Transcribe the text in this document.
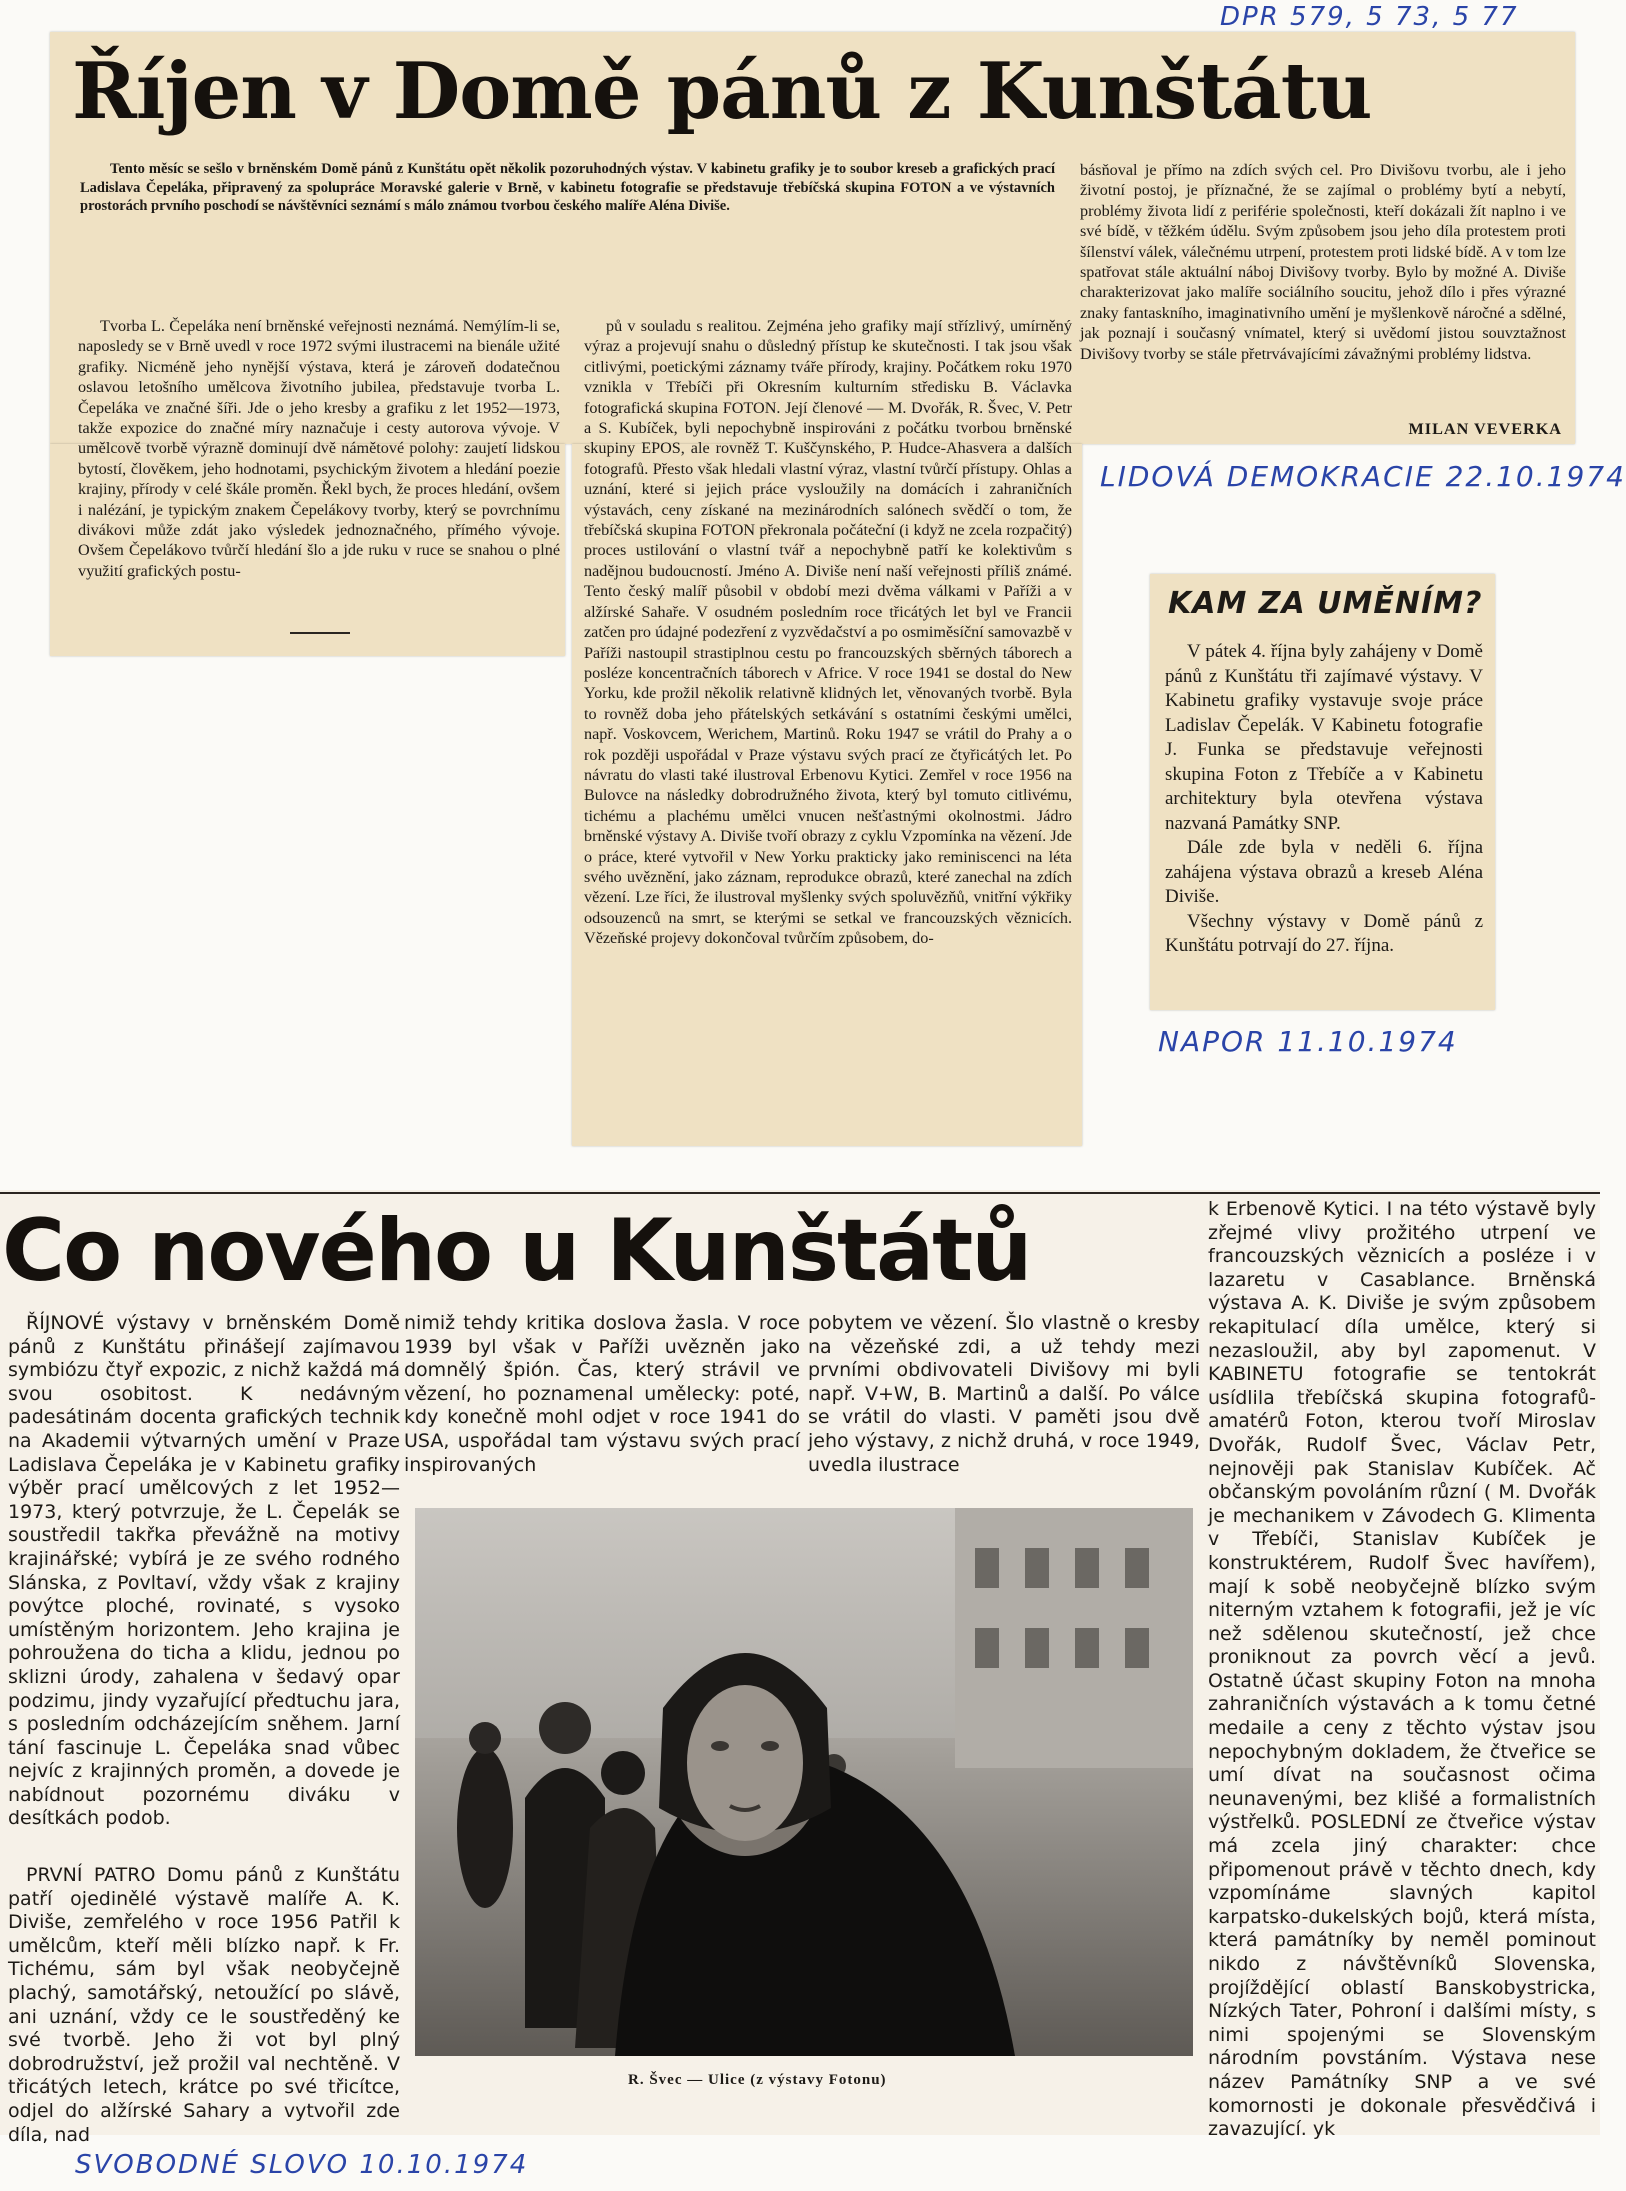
DPR 579, 5 73, 5 77
LIDOVÁ DEMOKRACIE 22.10.1974
NAPOR 11.10.1974
SVOBODNÉ SLOVO 10.10.1974
Říjen v Domě pánů z Kunštátu
Tento měsíc se sešlo v brněnském Domě pánů z Kunštátu opět několik pozoruhodných výstav. V kabinetu grafiky je to soubor kreseb a grafických prací Ladislava Čepeláka, připravený za spolupráce Moravské galerie v Brně, v kabinetu fotografie se představuje třebíčská skupina FOTON a ve výstavních prostorách prvního poschodí se návštěvníci seznámí s málo známou tvorbou českého malíře Aléna Diviše.

Tvorba L. Čepeláka není brněnské veřejnosti neznámá. Nemýlím-li se, naposledy se v Brně uvedl v roce 1972 svými ilustracemi na bienále užité grafiky. Nicméně jeho nynější výstava, která je zároveň dodatečnou oslavou letošního umělcova životního jubilea, představuje tvorba L. Čepeláka ve značné šíři. Jde o jeho kresby a grafiku z let 1952—1973, takže expozice do značné míry naznačuje i cesty autorova vývoje. V umělcově tvorbě výrazně dominují dvě námětové polohy: zaujetí lidskou bytostí, člověkem, jeho hodnotami, psychickým životem a hledání poezie krajiny, přírody v celé škále proměn. Řekl bych, že proces hledání, ovšem i nalézání, je typickým znakem Čepelákovy tvorby, který se povrchnímu divákovi může zdát jako výsledek jednoznačného, přímého vývoje. Ovšem Čepelákovo tvůrčí hledání šlo a jde ruku v ruce se snahou o plné využití grafických postu-

pů v souladu s realitou. Zejména jeho grafiky mají střízlivý, umírněný výraz a projevují snahu o důsledný přístup ke skutečnosti. I tak jsou však citlivými, poetickými záznamy tváře přírody, krajiny. Počátkem roku 1970 vznikla v Třebíči při Okresním kulturním středisku B. Václavka fotografická skupina FOTON. Její členové — M. Dvořák, R. Švec, V. Petr a S. Kubíček, byli nepochybně inspirováni z počátku tvorbou brněnské skupiny EPOS, ale rovněž T. Kuščynského, P. Hudce-Ahasvera a dalších fotografů. Přesto však hledali vlastní výraz, vlastní tvůrčí přístupy. Ohlas a uznání, které si jejich práce vysloužily na domácích i zahraničních výstavách, ceny získané na mezinárodních salónech svědčí o tom, že třebíčská skupina FOTON překronala počáteční (i když ne zcela rozpačitý) proces ustilování o vlastní tvář a nepochybně patří ke kolektivům s nadějnou budoucností. Jméno A. Diviše není naší veřejnosti příliš známé. Tento český malíř působil v období mezi dvěma válkami v Paříži a v alžírské Sahaře. V osudném posledním roce třicátých let byl ve Francii zatčen pro údajné podezření z vyzvědačství a po osmiměsíční samovazbě v Paříži nastoupil strastiplnou cestu po francouzských sběrných táborech a posléze koncentračních táborech v Africe. V roce 1941 se dostal do New Yorku, kde prožil několik relativně klidných let, věnovaných tvorbě. Byla to rovněž doba jeho přátelských setkávání s ostatními českými umělci, např. Voskovcem, Werichem, Martinů. Roku 1947 se vrátil do Prahy a o rok později uspořádal v Praze výstavu svých prací ze čtyřicátých let. Po návratu do vlasti také ilustroval Erbenovu Kytici. Zemřel v roce 1956 na Bulovce na následky dobrodružného života, který byl tomuto citlivému, tichému a plachému umělci vnucen nešťastnými okolnostmi. Jádro brněnské výstavy A. Diviše tvoří obrazy z cyklu Vzpomínka na vězení. Jde o práce, které vytvořil v New Yorku prakticky jako reminiscenci na léta svého uvěznění, jako záznam, reprodukce obrazů, které zanechal na zdích vězení. Lze říci, že ilustroval myšlenky svých spoluvězňů, vnitřní výkřiky odsouzenců na smrt, se kterými se setkal ve francouzských věznicích. Vězeňské projevy dokončoval tvůrčím způsobem, do-

básňoval je přímo na zdích svých cel. Pro Divišovu tvorbu, ale i jeho životní postoj, je příznačné, že se zajímal o problémy bytí a nebytí, problémy života lidí z periférie společnosti, kteří dokázali žít naplno i ve své bídě, v těžkém údělu. Svým způsobem jsou jeho díla protestem proti šílenství válek, válečnému utrpení, protestem proti lidské bídě. A v tom lze spatřovat stále aktuální náboj Divišovy tvorby. Bylo by možné A. Diviše charakterizovat jako malíře sociálního soucitu, jehož dílo i přes výrazné znaky fantaskního, imaginativního umění je myšlenkově náročné a sdělné, jak poznají i současný vnímatel, který si uvědomí jistou souvztažnost Divišovy tvorby se stále přetrvávajícími závažnými problémy lidstva.

MILAN VEVERKA
KAM ZA UMĚNÍM?

V pátek 4. října byly zahájeny v Domě pánů z Kunštátu tři zajímavé výstavy. V Kabinetu grafiky vystavuje svoje práce Ladislav Čepelák. V Kabinetu fotografie J. Funka se představuje veřejnosti skupina Foton z Třebíče a v Kabinetu architektury byla otevřena výstava nazvaná Památky SNP.

Dále zde byla v neděli 6. října zahájena výstava obrazů a kreseb Aléna Diviše.

Všechny výstavy v Domě pánů z Kunštátu potrvají do 27. října.

Co nového u Kunštátů

ŘÍJNOVÉ výstavy v brněnském Domě pánů z Kunštátu přinášejí zajímavou symbiózu čtyř expozic, z nichž každá má svou osobitost. K nedávným padesátinám docenta grafických technik na Akademii výtvarných umění v Praze Ladislava Čepeláka je v Kabinetu grafiky výběr prací umělcových z let 1952—1973, který potvrzuje, že L. Čepelák se soustředil takřka převážně na motivy krajinářské; vybírá je ze svého rodného Slánska, z Povltaví, vždy však z krajiny povýtce ploché, rovinaté, s vysoko umístěným horizontem. Jeho krajina je pohroužena do ticha a klidu, jednou po sklizni úrody, zahalena v šedavý opar podzimu, jindy vyzařující předtuchu jara, s posledním odcházejícím sněhem. Jarní tání fascinuje L. Čepeláka snad vůbec nejvíc z krajinných proměn, a dovede je nabídnout pozornému diváku v desítkách podob.

PRVNÍ PATRO Domu pánů z Kunštátu patří ojedinělé výstavě malíře A. K. Diviše, zemřelého v roce 1956 Patřil k umělcům, kteří měli blízko např. k Fr. Tichému, sám byl však neobyčejně plachý, samotářský, netoužící po slávě, ani uznání, vždy ce le soustředěný ke své tvorbě. Jeho ži vot byl plný dobrodružství, jež prožil val nechtěně. V třicátých letech, krátce po své třicítce, odjel do alžírské Sahary a vytvořil zde díla, nad

nimiž tehdy kritika doslova žasla. V roce 1939 byl však v Paříži uvězněn jako domnělý špión. Čas, který strávil ve vězení, ho poznamenal umělecky: poté, kdy konečně mohl odjet v roce 1941 do USA, uspořádal tam výstavu svých prací inspirovaných

pobytem ve vězení. Šlo vlastně o kresby na vězeňské zdi, a už tehdy mezi prvními obdivovateli Divišovy mi byli např. V+W, B. Martinů a další. Po válce se vrátil do vlasti. V paměti jsou dvě jeho výstavy, z nichž druhá, v roce 1949, uvedla ilustrace

k Erbenově Kytici. I na této výstavě byly zřejmé vlivy prožitého utrpení ve francouzských věznicích a posléze i v lazaretu v Casablance. Brněnská výstava A. K. Diviše je svým způsobem rekapitulací díla umělce, který si nezasloužil, aby byl zapomenut. V KABINETU fotografie se tentokrát usídlila třebíčská skupina fotografů-amatérů Foton, kterou tvoří Miroslav Dvořák, Rudolf Švec, Václav Petr, nejnověji pak Stanislav Kubíček. Ač občanským povoláním různí ( M. Dvořák je mechanikem v Závodech G. Klimenta v Třebíči, Stanislav Kubíček je konstruktérem, Rudolf Švec havířem), mají k sobě neobyčejně blízko svým niterným vztahem k fotografii, jež je víc než sdělenou skutečností, jež chce proniknout za povrch věcí a jevů. Ostatně účast skupiny Foton na mnoha zahraničních výstavách a k tomu četné medaile a ceny z těchto výstav jsou nepochybným dokladem, že čtveřice se umí dívat na současnost očima neunavenými, bez klišé a formalistních výstřelků. POSLEDNÍ ze čtveřice výstav má zcela jiný charakter: chce připomenout právě v těchto dnech, kdy vzpomínáme slavných kapitol karpatsko-dukelských bojů, která místa, která památníky by neměl pominout nikdo z návštěvníků Slovenska, projíždějící oblastí Banskobystricka, Nízkých Tater, Pohroní i dalšími místy, s nimi spojenými se Slovenským národním povstáním. Výstava nese název Památníky SNP a ve své komornosti je dokonale přesvědčivá i zavazující. yk

R. Švec — Ulice (z výstavy Fotonu)
